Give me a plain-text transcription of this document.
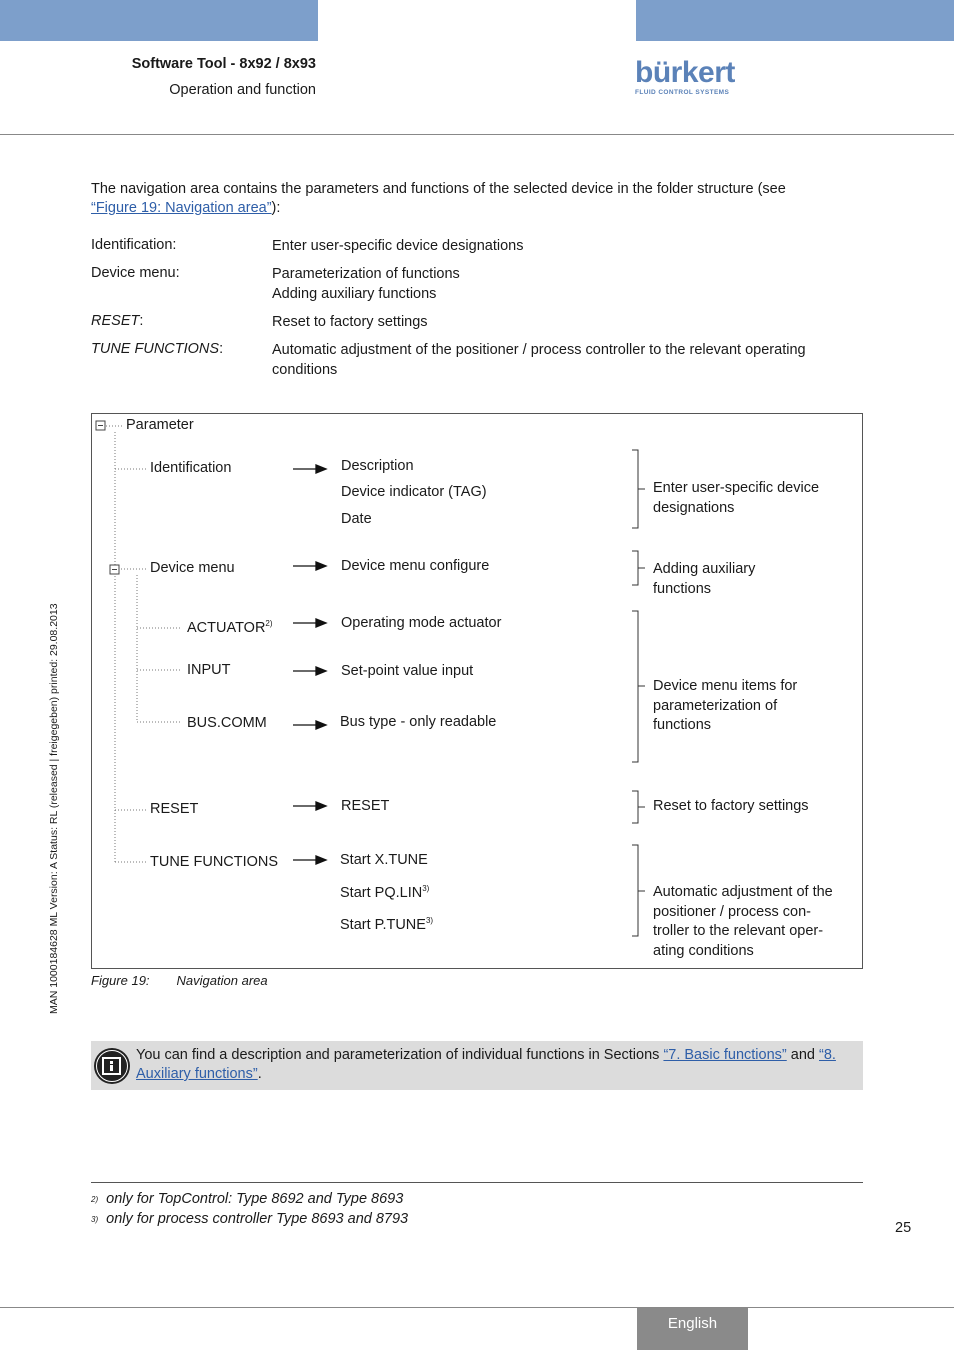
Software Tool - 8x92 / 8x93
Operation and function
bürkert
FLUID CONTROL SYSTEMS
The navigation area contains the parameters and functions of the selected device in the folder structure (see “Figure 19: Navigation area”):
Identification:	Enter user-specific device designations
Device menu:	Parameterization of functions
Adding auxiliary functions
RESET:	Reset to factory settings
TUNE FUNCTIONS:	Automatic adjustment of the positioner / process controller to the relevant operating conditions
Parameter
Identification
Device menu
ACTUATOR$^{2)}$
INPUT
BUS.COMM
RESET
TUNE FUNCTIONS
Description
Device indicator (TAG)
Date
Device menu configure
Operating mode actuator
Set-point value input
Bus type - only readable
RESET
Start X.TUNE
Start PQ.LIN$^{3)}$
Start P.TUNE$^{3)}$
Enter user-specific device
designations
Adding auxiliary
functions
Device menu items for
parameterization of
functions
Reset to factory settings
Automatic adjustment of the
positioner / process con-
troller to the relevant oper-
ating conditions
Figure 19: Navigation area
You can find a description and parameterization of individual functions in Sections “7. Basic functions” and “8. Auxiliary functions”.
2) only for TopControl: Type 8692 and Type 8693
3) only for process controller Type 8693 and 8793
25
MAN 1000184628 ML Version: A Status: RL (released | freigegeben) printed: 29.08.2013
English
